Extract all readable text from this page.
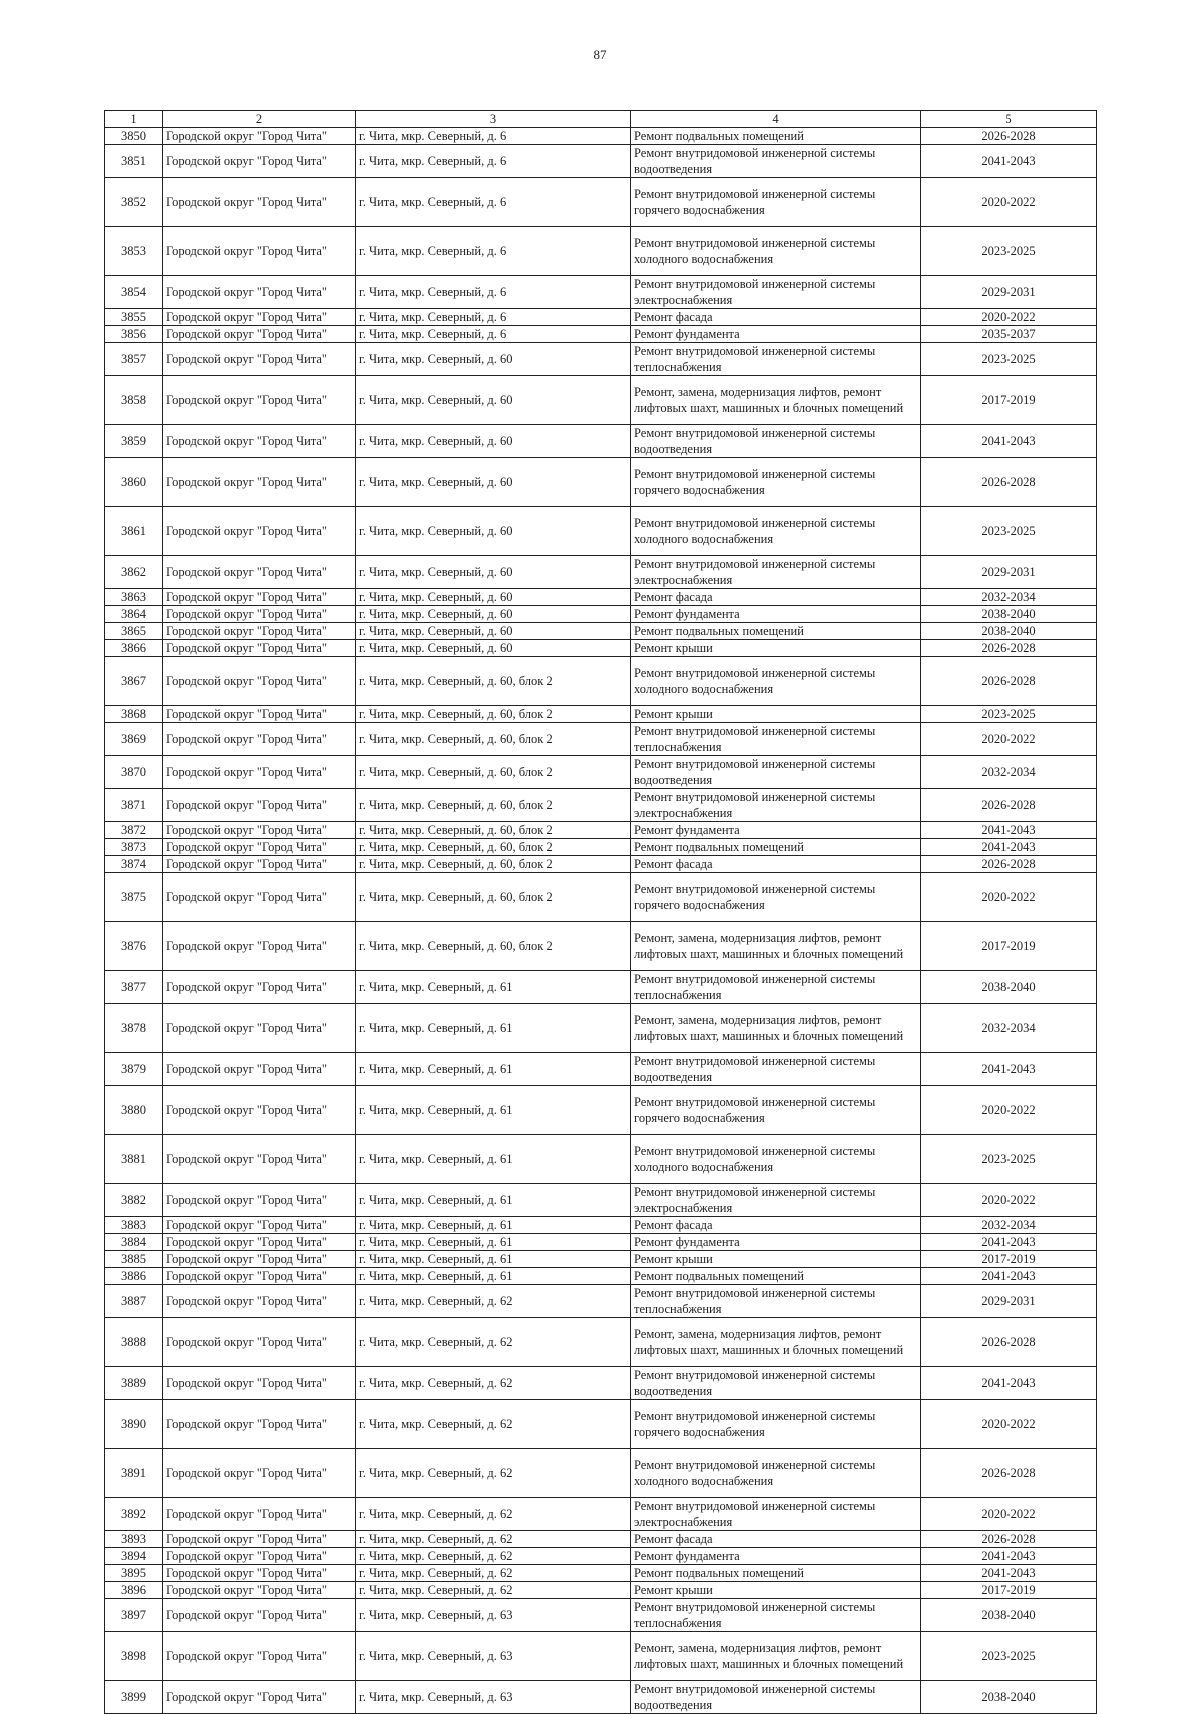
87
1	2	3	4	5
3850	Городской округ "Город Чита"	г. Чита, мкр. Северный, д. 6	Ремонт подвальных помещений	2026-2028
3851	Городской округ "Город Чита"	г. Чита, мкр. Северный, д. 6	Ремонт внутридомовой инженерной системы водоотведения	2041-2043
3852	Городской округ "Город Чита"	г. Чита, мкр. Северный, д. 6	Ремонт внутридомовой инженерной системы горячего водоснабжения	2020-2022
3853	Городской округ "Город Чита"	г. Чита, мкр. Северный, д. 6	Ремонт внутридомовой инженерной системы холодного водоснабжения	2023-2025
3854	Городской округ "Город Чита"	г. Чита, мкр. Северный, д. 6	Ремонт внутридомовой инженерной системы электроснабжения	2029-2031
3855	Городской округ "Город Чита"	г. Чита, мкр. Северный, д. 6	Ремонт фасада	2020-2022
3856	Городской округ "Город Чита"	г. Чита, мкр. Северный, д. 6	Ремонт фундамента	2035-2037
3857	Городской округ "Город Чита"	г. Чита, мкр. Северный, д. 60	Ремонт внутридомовой инженерной системы теплоснабжения	2023-2025
3858	Городской округ "Город Чита"	г. Чита, мкр. Северный, д. 60	Ремонт, замена, модернизация лифтов, ремонт лифтовых шахт, машинных и блочных помещений	2017-2019
3859	Городской округ "Город Чита"	г. Чита, мкр. Северный, д. 60	Ремонт внутридомовой инженерной системы водоотведения	2041-2043
3860	Городской округ "Город Чита"	г. Чита, мкр. Северный, д. 60	Ремонт внутридомовой инженерной системы горячего водоснабжения	2026-2028
3861	Городской округ "Город Чита"	г. Чита, мкр. Северный, д. 60	Ремонт внутридомовой инженерной системы холодного водоснабжения	2023-2025
3862	Городской округ "Город Чита"	г. Чита, мкр. Северный, д. 60	Ремонт внутридомовой инженерной системы электроснабжения	2029-2031
3863	Городской округ "Город Чита"	г. Чита, мкр. Северный, д. 60	Ремонт фасада	2032-2034
3864	Городской округ "Город Чита"	г. Чита, мкр. Северный, д. 60	Ремонт фундамента	2038-2040
3865	Городской округ "Город Чита"	г. Чита, мкр. Северный, д. 60	Ремонт подвальных помещений	2038-2040
3866	Городской округ "Город Чита"	г. Чита, мкр. Северный, д. 60	Ремонт крыши	2026-2028
3867	Городской округ "Город Чита"	г. Чита, мкр. Северный, д. 60, блок 2	Ремонт внутридомовой инженерной системы холодного водоснабжения	2026-2028
3868	Городской округ "Город Чита"	г. Чита, мкр. Северный, д. 60, блок 2	Ремонт крыши	2023-2025
3869	Городской округ "Город Чита"	г. Чита, мкр. Северный, д. 60, блок 2	Ремонт внутридомовой инженерной системы теплоснабжения	2020-2022
3870	Городской округ "Город Чита"	г. Чита, мкр. Северный, д. 60, блок 2	Ремонт внутридомовой инженерной системы водоотведения	2032-2034
3871	Городской округ "Город Чита"	г. Чита, мкр. Северный, д. 60, блок 2	Ремонт внутридомовой инженерной системы электроснабжения	2026-2028
3872	Городской округ "Город Чита"	г. Чита, мкр. Северный, д. 60, блок 2	Ремонт фундамента	2041-2043
3873	Городской округ "Город Чита"	г. Чита, мкр. Северный, д. 60, блок 2	Ремонт подвальных помещений	2041-2043
3874	Городской округ "Город Чита"	г. Чита, мкр. Северный, д. 60, блок 2	Ремонт фасада	2026-2028
3875	Городской округ "Город Чита"	г. Чита, мкр. Северный, д. 60, блок 2	Ремонт внутридомовой инженерной системы горячего водоснабжения	2020-2022
3876	Городской округ "Город Чита"	г. Чита, мкр. Северный, д. 60, блок 2	Ремонт, замена, модернизация лифтов, ремонт лифтовых шахт, машинных и блочных помещений	2017-2019
3877	Городской округ "Город Чита"	г. Чита, мкр. Северный, д. 61	Ремонт внутридомовой инженерной системы теплоснабжения	2038-2040
3878	Городской округ "Город Чита"	г. Чита, мкр. Северный, д. 61	Ремонт, замена, модернизация лифтов, ремонт лифтовых шахт, машинных и блочных помещений	2032-2034
3879	Городской округ "Город Чита"	г. Чита, мкр. Северный, д. 61	Ремонт внутридомовой инженерной системы водоотведения	2041-2043
3880	Городской округ "Город Чита"	г. Чита, мкр. Северный, д. 61	Ремонт внутридомовой инженерной системы горячего водоснабжения	2020-2022
3881	Городской округ "Город Чита"	г. Чита, мкр. Северный, д. 61	Ремонт внутридомовой инженерной системы холодного водоснабжения	2023-2025
3882	Городской округ "Город Чита"	г. Чита, мкр. Северный, д. 61	Ремонт внутридомовой инженерной системы электроснабжения	2020-2022
3883	Городской округ "Город Чита"	г. Чита, мкр. Северный, д. 61	Ремонт фасада	2032-2034
3884	Городской округ "Город Чита"	г. Чита, мкр. Северный, д. 61	Ремонт фундамента	2041-2043
3885	Городской округ "Город Чита"	г. Чита, мкр. Северный, д. 61	Ремонт крыши	2017-2019
3886	Городской округ "Город Чита"	г. Чита, мкр. Северный, д. 61	Ремонт подвальных помещений	2041-2043
3887	Городской округ "Город Чита"	г. Чита, мкр. Северный, д. 62	Ремонт внутридомовой инженерной системы теплоснабжения	2029-2031
3888	Городской округ "Город Чита"	г. Чита, мкр. Северный, д. 62	Ремонт, замена, модернизация лифтов, ремонт лифтовых шахт, машинных и блочных помещений	2026-2028
3889	Городской округ "Город Чита"	г. Чита, мкр. Северный, д. 62	Ремонт внутридомовой инженерной системы водоотведения	2041-2043
3890	Городской округ "Город Чита"	г. Чита, мкр. Северный, д. 62	Ремонт внутридомовой инженерной системы горячего водоснабжения	2020-2022
3891	Городской округ "Город Чита"	г. Чита, мкр. Северный, д. 62	Ремонт внутридомовой инженерной системы холодного водоснабжения	2026-2028
3892	Городской округ "Город Чита"	г. Чита, мкр. Северный, д. 62	Ремонт внутридомовой инженерной системы электроснабжения	2020-2022
3893	Городской округ "Город Чита"	г. Чита, мкр. Северный, д. 62	Ремонт фасада	2026-2028
3894	Городской округ "Город Чита"	г. Чита, мкр. Северный, д. 62	Ремонт фундамента	2041-2043
3895	Городской округ "Город Чита"	г. Чита, мкр. Северный, д. 62	Ремонт подвальных помещений	2041-2043
3896	Городской округ "Город Чита"	г. Чита, мкр. Северный, д. 62	Ремонт крыши	2017-2019
3897	Городской округ "Город Чита"	г. Чита, мкр. Северный, д. 63	Ремонт внутридомовой инженерной системы теплоснабжения	2038-2040
3898	Городской округ "Город Чита"	г. Чита, мкр. Северный, д. 63	Ремонт, замена, модернизация лифтов, ремонт лифтовых шахт, машинных и блочных помещений	2023-2025
3899	Городской округ "Город Чита"	г. Чита, мкр. Северный, д. 63	Ремонт внутридомовой инженерной системы водоотведения	2038-2040
